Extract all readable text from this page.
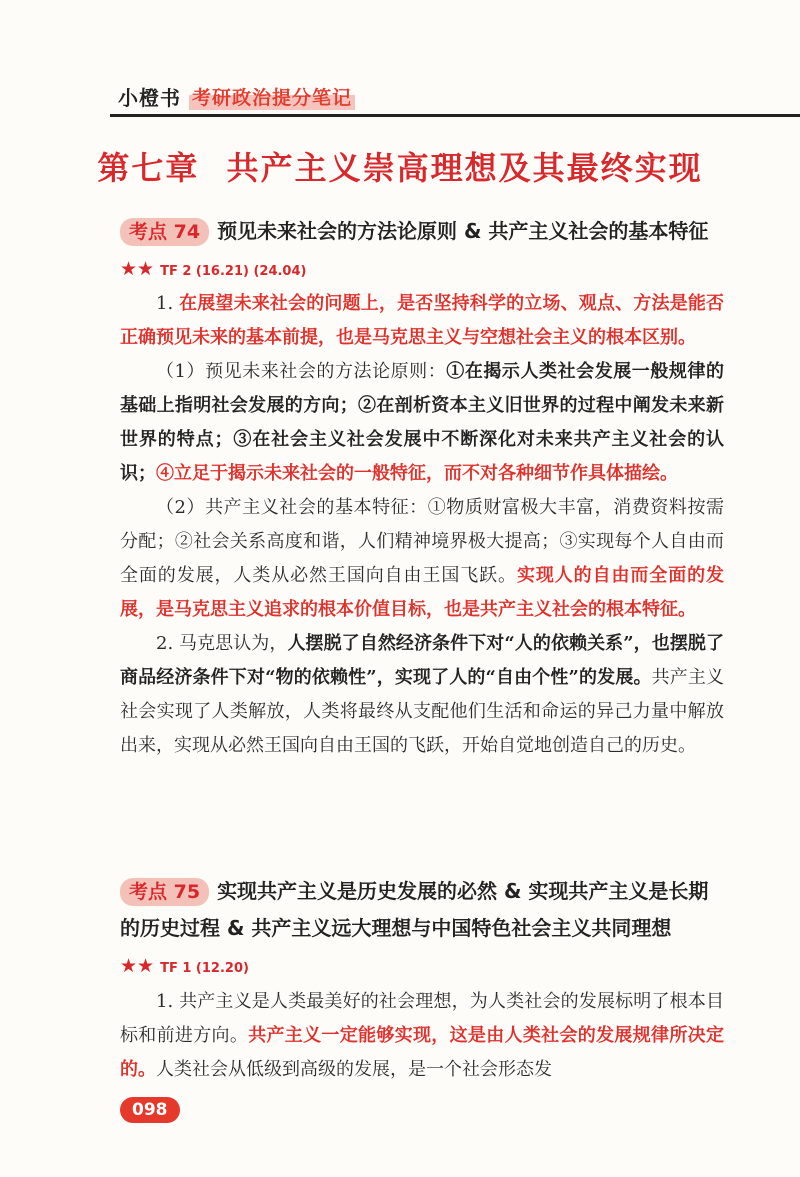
小橙书 考研政治提分笔记
第七章 共产主义崇高理想及其最终实现
考点 74 预见未来社会的方法论原则 & 共产主义社会的基本特征★★ TF 2 (16.21) (24.04)

1. 在展望未来社会的问题上，是否坚持科学的立场、观点、方法是能否正确预见未来的基本前提，也是马克思主义与空想社会主义的根本区别。

（1）预见未来社会的方法论原则：①在揭示人类社会发展一般规律的基础上指明社会发展的方向；②在剖析资本主义旧世界的过程中阐发未来新世界的特点；③在社会主义社会发展中不断深化对未来共产主义社会的认识；④立足于揭示未来社会的一般特征，而不对各种细节作具体描绘。

（2）共产主义社会的基本特征：①物质财富极大丰富，消费资料按需分配；②社会关系高度和谐，人们精神境界极大提高；③实现每个人自由而全面的发展，人类从必然王国向自由王国飞跃。实现人的自由而全面的发展，是马克思主义追求的根本价值目标，也是共产主义社会的根本特征。

2. 马克思认为，人摆脱了自然经济条件下对“人的依赖关系”，也摆脱了商品经济条件下对“物的依赖性”，实现了人的“自由个性”的发展。共产主义社会实现了人类解放，人类将最终从支配他们生活和命运的异己力量中解放出来，实现从必然王国向自由王国的飞跃，开始自觉地创造自己的历史。

考点 75 实现共产主义是历史发展的必然 & 实现共产主义是长期的历史过程 & 共产主义远大理想与中国特色社会主义共同理想★★ TF 1 (12.20)

1. 共产主义是人类最美好的社会理想，为人类社会的发展标明了根本目标和前进方向。共产主义一定能够实现，这是由人类社会的发展规律所决定的。人类社会从低级到高级的发展，是一个社会形态发

098
